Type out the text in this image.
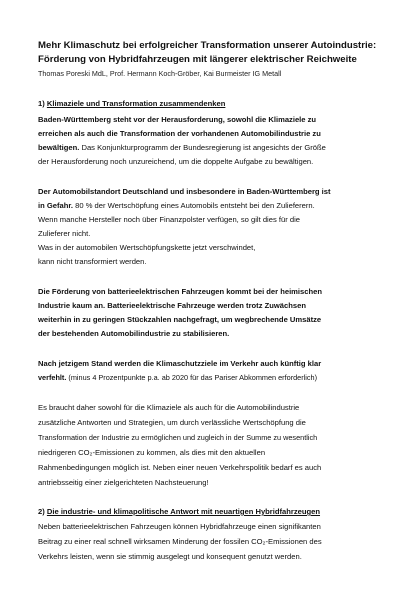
Mehr Klimaschutz bei erfolgreicher Transformation unserer Autoindustrie:
Förderung von Hybridfahrzeugen mit längerer elektrischer Reichweite
Thomas Poreski MdL, Prof. Hermann Koch-Gröber, Kai Burmeister IG Metall
1) Klimaziele und Transformation zusammendenken
Baden-Württemberg steht vor der Herausforderung, sowohl die Klimaziele zu
erreichen als auch die Transformation der vorhandenen Automobilindustrie zu
bewältigen. Das Konjunkturprogramm der Bundesregierung ist angesichts der Größe
der Herausforderung noch unzureichend, um die doppelte Aufgabe zu bewältigen.
Der Automobilstandort Deutschland und insbesondere in Baden-Württemberg ist
in Gefahr. 80 % der Wertschöpfung eines Automobils entsteht bei den Zulieferern.
Wenn manche Hersteller noch über Finanzpolster verfügen, so gilt dies für die
Zulieferer nicht.
Was in der automobilen Wertschöpfungskette jetzt verschwindet,
kann nicht transformiert werden.
Die Förderung von batterieelektrischen Fahrzeugen kommt bei der heimischen
Industrie kaum an. Batterieelektrische Fahrzeuge werden trotz Zuwächsen
weiterhin in zu geringen Stückzahlen nachgefragt, um wegbrechende Umsätze
der bestehenden Automobilindustrie zu stabilisieren.
Nach jetzigem Stand werden die Klimaschutzziele im Verkehr auch künftig klar
verfehlt. (minus 4 Prozentpunkte p.a. ab 2020 für das Pariser Abkommen erforderlich)
Es braucht daher sowohl für die Klimaziele als auch für die Automobilindustrie
zusätzliche Antworten und Strategien, um durch verlässliche Wertschöpfung die
Transformation der Industrie zu ermöglichen und zugleich in der Summe zu wesentlich
niedrigeren CO₂-Emissionen zu kommen, als dies mit den aktuellen
Rahmenbedingungen möglich ist. Neben einer neuen Verkehrspolitik bedarf es auch
antriebsseitig einer zielgerichteten Nachsteuerung!
2) Die industrie- und klimapolitische Antwort mit neuartigen Hybridfahrzeugen
Neben batterieelektrischen Fahrzeugen können Hybridfahrzeuge einen signifikanten
Beitrag zu einer real schnell wirksamen Minderung der fossilen CO₂-Emissionen des
Verkehrs leisten, wenn sie stimmig ausgelegt und konsequent genutzt werden.
